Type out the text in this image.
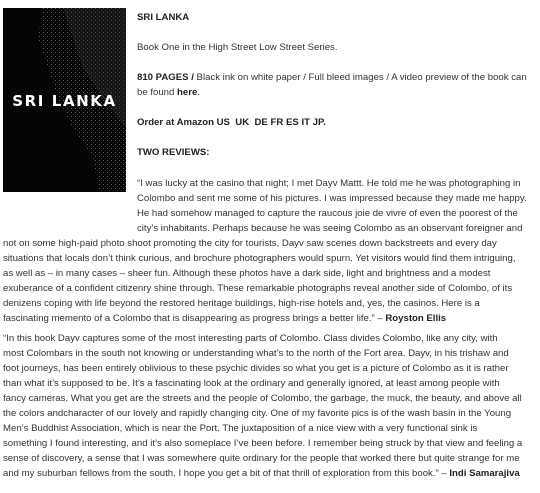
SRI LANKA

SRI LANKA

Book One in the High Street Low Street Series.

810 PAGES / Black ink on white paper / Full bleed images / A video preview of the book can
be found here.

Order at Amazon US UK DE FR ES IT JP.

TWO REVIEWS:

“I was lucky at the casino that night; I met Dayv Mattt. He told me he was photographing in
Colombo and sent me some of his pictures. I was impressed because they made me happy.
He had somehow managed to capture the raucous joie de vivre of even the poorest of the
city’s inhabitants. Perhaps because he was seeing Colombo as an observant foreigner and
not on some high-paid photo shoot promoting the city for tourists, Dayv saw scenes down backstreets and every day
situations that locals don’t think curious, and brochure photographers would spurn. Yet visitors would find them intriguing,
as well as – in many cases – sheer fun. Although these photos have a dark side, light and brightness and a modest
exuberance of a confident citizenry shine through. These remarkable photographs reveal another side of Colombo, of its
denizens coping with life beyond the restored heritage buildings, high-rise hotels and, yes, the casinos. Here is a
fascinating memento of a Colombo that is disappearing as progress brings a better life.” – Royston Ellis
“In this book Dayv captures some of the most interesting parts of Colombo. Class divides Colombo, like any city, with
most Colombars in the south not knowing or understanding what’s to the north of the Fort area. Dayv, in his trishaw and
foot journeys, has been entirely oblivious to these psychic divides so what you get is a picture of Colombo as it is rather
than what it’s supposed to be. It’s a fascinating look at the ordinary and generally ignored, at least among people with
fancy cameras. What you get are the streets and the people of Colombo, the garbage, the muck, the beauty, and above all
the colors andcharacter of our lovely and rapidly changing city. One of my favorite pics is of the wash basin in the Young
Men’s Buddhist Association, which is near the Port. The juxtaposition of a nice view with a very functional sink is
something I found interesting, and it’s also someplace I’ve been before. I remember being struck by that view and feeling a
sense of discovery, a sense that I was somewhere quite ordinary for the people that worked there but quite strange for me
and my suburban fellows from the south. I hope you get a bit of that thrill of exploration from this book.” – Indi Samarajiva
